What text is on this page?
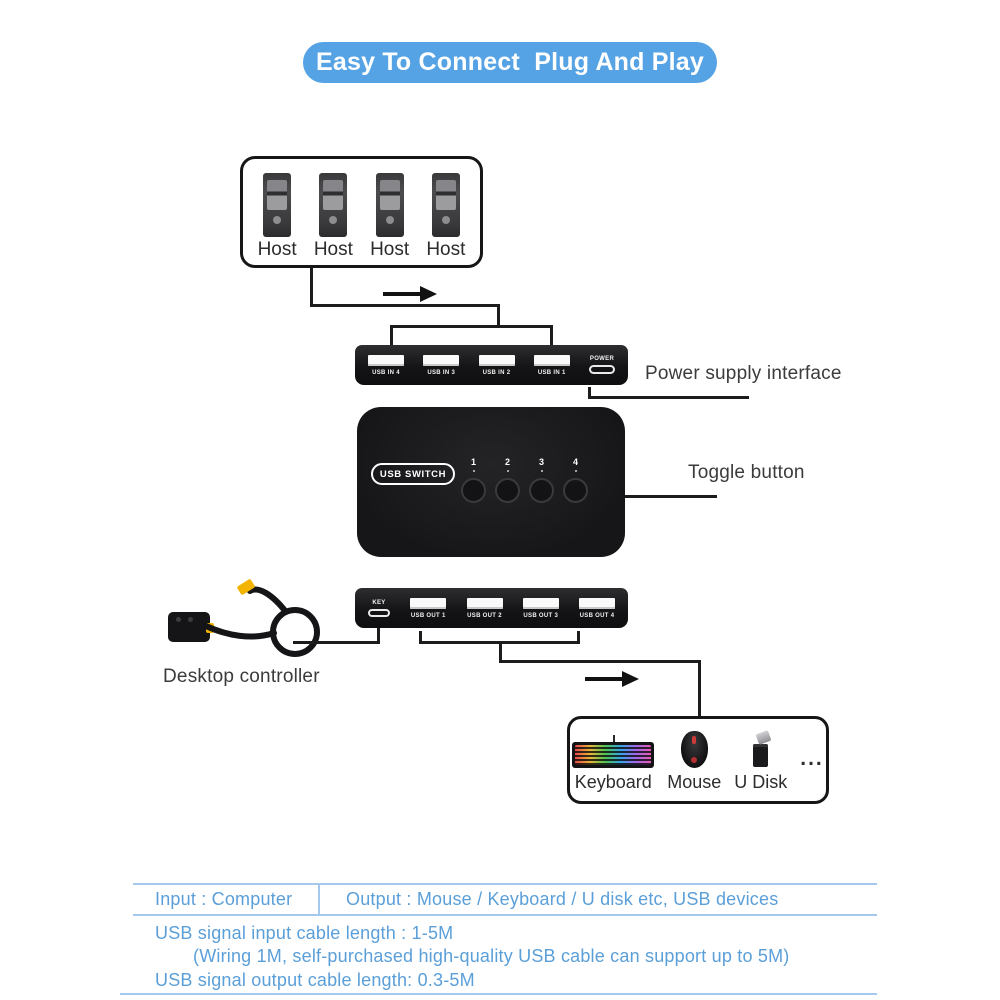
Easy To Connect  Plug And Play
Host Host Host Host
USB IN 4	USB IN 3	USB IN 2	USB IN 1
POWER
Power supply interface
USB SWITCH
1	2	3	4	Toggle button
KEY
USB OUT 1	USB OUT 2	USB OUT 3	USB OUT 4
Desktop controller
Keyboard Mouse U Disk
...
Input : Computer	Output : Mouse / Keyboard / U disk etc, USB devices
USB signal input cable length : 1-5M
(Wiring 1M, self-purchased high-quality USB cable can support up to 5M)
USB signal output cable length: 0.3-5M
